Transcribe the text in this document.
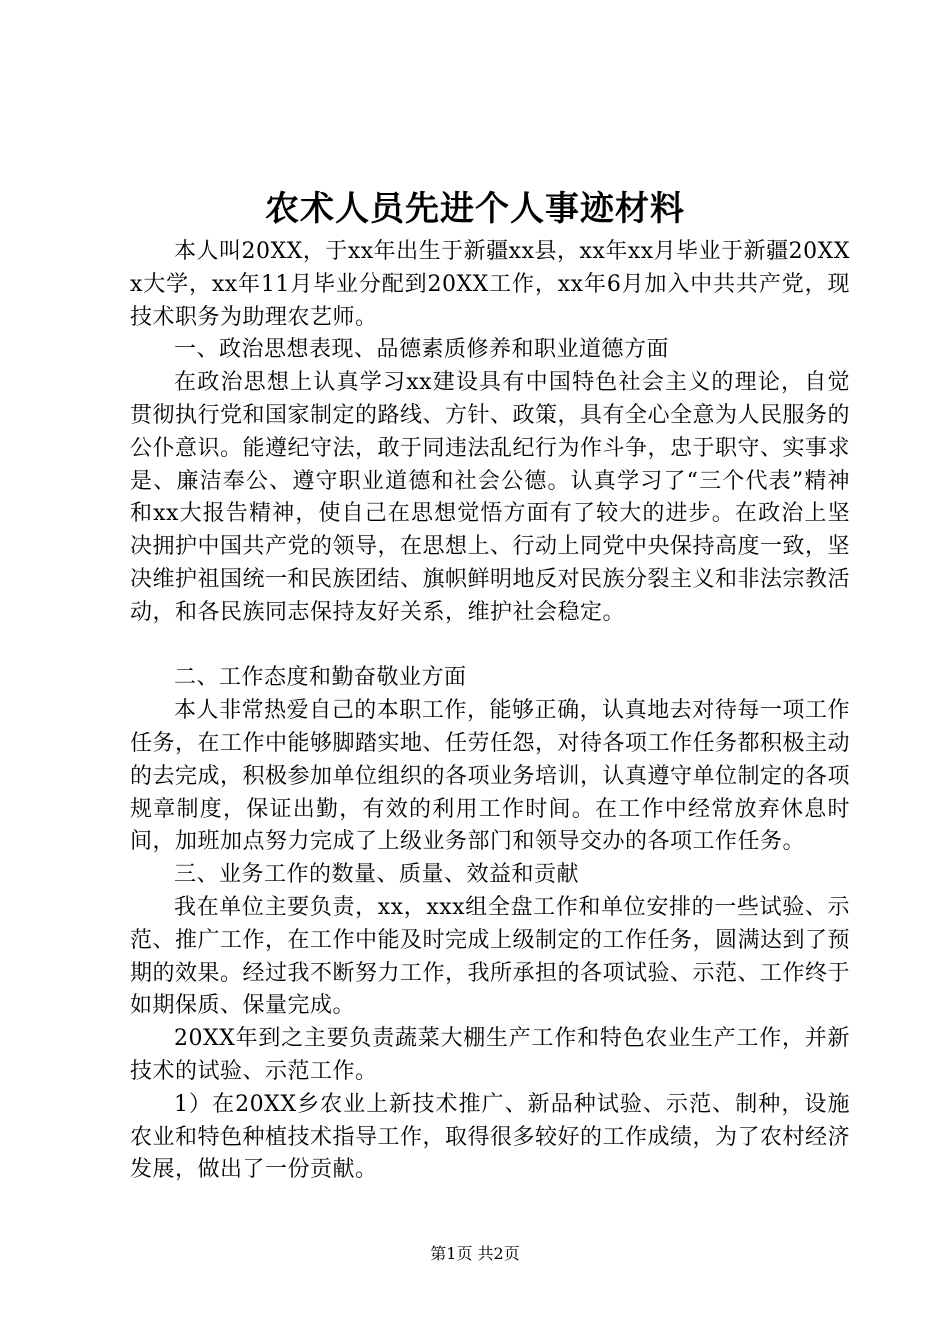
农术人员先进个人事迹材料

本人叫20XX，于xx年出生于新疆xx县，xx年xx月毕业于新疆20XXx大学，xx年11月毕业分配到20XX工作，xx年6月加入中共共产党，现技术职务为助理农艺师。

一、政治思想表现、品德素质修养和职业道德方面

在政治思想上认真学习xx建设具有中国特色社会主义的理论，自觉贯彻执行党和国家制定的路线、方针、政策，具有全心全意为人民服务的公仆意识。能遵纪守法，敢于同违法乱纪行为作斗争，忠于职守、实事求是、廉洁奉公、遵守职业道德和社会公德。认真学习了“三个代表”精神和xx大报告精神，使自己在思想觉悟方面有了较大的进步。在政治上坚决拥护中国共产党的领导，在思想上、行动上同党中央保持高度一致，坚决维护祖国统一和民族团结、旗帜鲜明地反对民族分裂主义和非法宗教活动，和各民族同志保持友好关系，维护社会稳定。

二、工作态度和勤奋敬业方面

本人非常热爱自己的本职工作，能够正确，认真地去对待每一项工作任务，在工作中能够脚踏实地、任劳任怨，对待各项工作任务都积极主动的去完成，积极参加单位组织的各项业务培训，认真遵守单位制定的各项规章制度，保证出勤，有效的利用工作时间。在工作中经常放弃休息时间，加班加点努力完成了上级业务部门和领导交办的各项工作任务。

三、业务工作的数量、质量、效益和贡献

我在单位主要负责，xx，xxx组全盘工作和单位安排的一些试验、示范、推广工作，在工作中能及时完成上级制定的工作任务，圆满达到了预期的效果。经过我不断努力工作，我所承担的各项试验、示范、工作终于如期保质、保量完成。

20XX年到之主要负责蔬菜大棚生产工作和特色农业生产工作，并新技术的试验、示范工作。

1）在20XX乡农业上新技术推广、新品种试验、示范、制种，设施农业和特色种植技术指导工作，取得很多较好的工作成绩，为了农村经济发展，做出了一份贡献。

第1页 共2页
